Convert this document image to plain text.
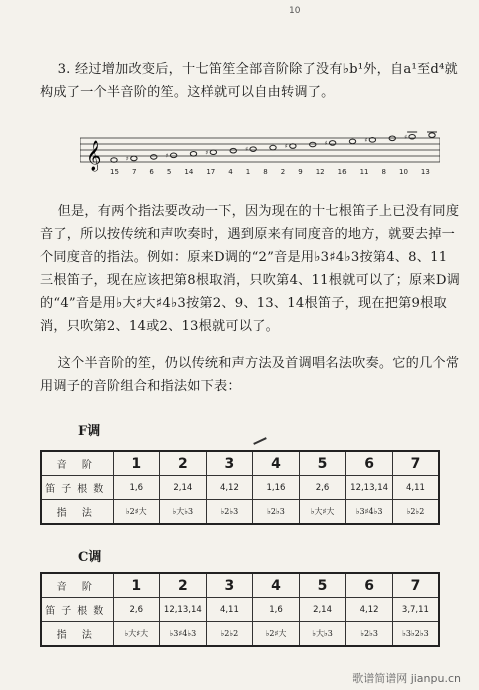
10

3. 经过增加改变后，十七笛笙全部音阶除了没有♭b¹外，自a¹至d⁴就构成了一个半音阶的笙。这样就可以自由转调了。

𝄞	♯	♯	♯	♯	♯	♯	♯	♯
15 7 6 5 14 17 4 1 8 2 9 12 16 11 8 10 13

但是，有两个指法要改动一下，因为现在的十七根笛子上已没有同度音了，所以按传统和声吹奏时，遇到原来有同度音的地方，就要去掉一个同度音的指法。例如：原来D调的“2”音是用♭3♯4♭3按第4、8、11三根笛子，现在应该把第8根取消，只吹第4、11根就可以了；原来D调的“4”音是用♭大♯大♯4♭3按第2、9、13、14根笛子，现在把第9根取消，只吹第2、14或2、13根就可以了。

这个半音阶的笙，仍以传统和声方法及首调唱名法吹奏。它的几个常用调子的音阶组合和指法如下表：

F调
音 阶	1	2	3	4	5	6	7
笛子根数	1,6	2,14	4,12	1,16	2,6	12,13,14	4,11
指 法	♭2♯大	♭大♭3	♭2♭3	♭2♭3	♭大♯大	♭3♯4♭3	♭2♭2
C调
音 阶	1	2	3	4	5	6	7
笛子根数	2,6	12,13,14	4,11	1,6	2,14	4,12	3,7,11
指 法	♭大♯大	♭3♯4♭3	♭2♭2	♭2♯大	♭大♭3	♭2♭3	♭3♭2♭3
歌谱简谱网 jianpu.cn
